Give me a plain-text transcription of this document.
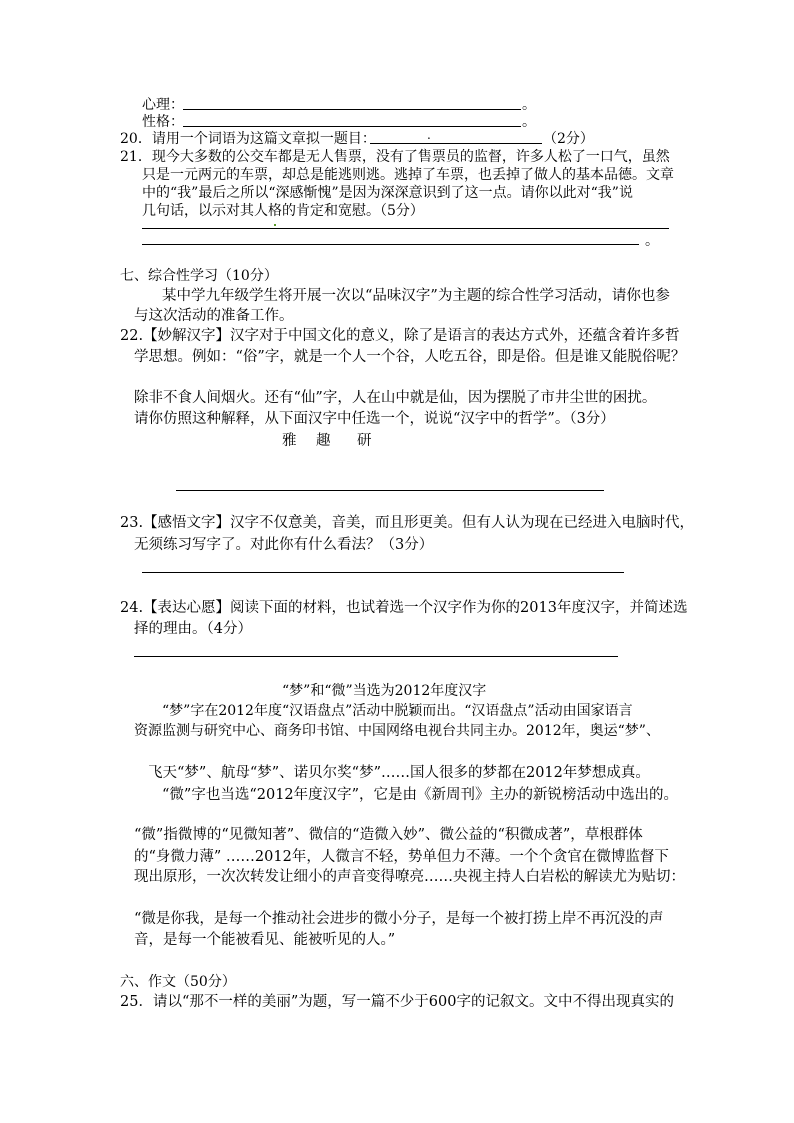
心理：	。
性格：	。
20．请用一个词语为这篇文章拟一题目：	.	（2分）
21．现今大多数的公交车都是无人售票，没有了售票员的监督，许多人松了一口气，虽然
只是一元两元的车票，却总是能逃则逃。逃掉了车票，也丢掉了做人的基本品德。文章
中的“我”最后之所以“深感惭愧”是因为深深意识到了这一点。请你以此对“我”说
几句话，以示对其人格的肯定和宽慰。（5分）
。
七、综合性学习（10分）
某中学九年级学生将开展一次以“品味汉字”为主题的综合性学习活动，请你也参
与这次活动的准备工作。
22.【妙解汉字】汉字对于中国文化的意义，除了是语言的表达方式外，还蕴含着许多哲
学思想。例如：“俗”字，就是一个人一个谷，人吃五谷，即是俗。但是谁又能脱俗呢？
除非不食人间烟火。还有“仙”字，人在山中就是仙，因为摆脱了市井尘世的困扰。
请你仿照这种解释，从下面汉字中任选一个，说说“汉字中的哲学”。（3分）
雅 趣 研
23.【感悟文字】汉字不仅意美，音美，而且形更美。但有人认为现在已经进入电脑时代，
无须练习写字了。对此你有什么看法？（3分）
24.【表达心愿】阅读下面的材料，也试着选一个汉字作为你的2013年度汉字，并简述选
择的理由。（4分）
“梦”和“微”当选为2012年度汉字
“梦”字在2012年度“汉语盘点”活动中脱颖而出。“汉语盘点”活动由国家语言
资源监测与研究中心、商务印书馆、中国网络电视台共同主办。2012年，奥运“梦”、
飞天“梦”、航母“梦”、诺贝尔奖“梦”……国人很多的梦都在2012年梦想成真。
“微”字也当选“2012年度汉字”，它是由《新周刊》主办的新锐榜活动中选出的。
“微”指微博的“见微知著”、微信的“造微入妙”、微公益的“积微成著”，草根群体
的“身微力薄” ……2012年，人微言不轻，势单但力不薄。一个个贪官在微博监督下
现出原形，一次次转发让细小的声音变得嘹亮……央视主持人白岩松的解读尤为贴切：
“微是你我，是每一个推动社会进步的微小分子，是每一个被打捞上岸不再沉没的声
音，是每一个能被看见、能被听见的人。”
六、作文（50分）
25．请以“那不一样的美丽”为题，写一篇不少于600字的记叙文。文中不得出现真实的
